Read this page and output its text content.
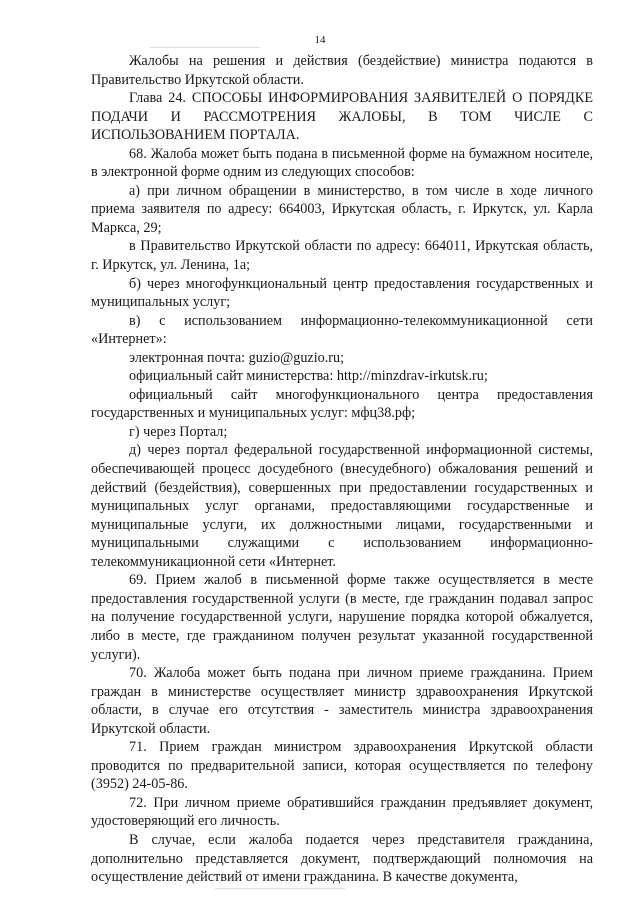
14

Жалобы на решения и действия (бездействие) министра подаются в Правительство Иркутской области.

Глава 24. СПОСОБЫ ИНФОРМИРОВАНИЯ ЗАЯВИТЕЛЕЙ О ПОРЯДКЕ ПОДАЧИ И РАССМОТРЕНИЯ ЖАЛОБЫ, В ТОМ ЧИСЛЕ С ИСПОЛЬЗОВАНИЕМ ПОРТАЛА.

68. Жалоба может быть подана в письменной форме на бумажном носителе, в электронной форме одним из следующих способов:

а) при личном обращении в министерство, в том числе в ходе личного приема заявителя по адресу: 664003, Иркутская область, г. Иркутск, ул. Карла Маркса, 29;

в Правительство Иркутской области по адресу: 664011, Иркутская область, г. Иркутск, ул. Ленина, 1а;

б) через многофункциональный центр предоставления государственных и муниципальных услуг;

в) с использованием информационно-телекоммуникационной сети «Интернет»:

электронная почта: guzio@guzio.ru;

официальный сайт министерства: http://minzdrav-irkutsk.ru;

официальный сайт многофункционального центра предоставления государственных и муниципальных услуг: мфц38.рф;

г) через Портал;

д) через портал федеральной государственной информационной системы, обеспечивающей процесс досудебного (внесудебного) обжалования решений и действий (бездействия), совершенных при предоставлении государственных и муниципальных услуг органами, предоставляющими государственные и муниципальные услуги, их должностными лицами, государственными и муниципальными служащими с использованием информационно-телекоммуникационной сети «Интернет.

69. Прием жалоб в письменной форме также осуществляется в месте предоставления государственной услуги (в месте, где гражданин подавал запрос на получение государственной услуги, нарушение порядка которой обжалуется, либо в месте, где гражданином получен результат указанной государственной услуги).

70. Жалоба может быть подана при личном приеме гражданина. Прием граждан в министерстве осуществляет министр здравоохранения Иркутской области, в случае его отсутствия - заместитель министра здравоохранения Иркутской области.

71. Прием граждан министром здравоохранения Иркутской области проводится по предварительной записи, которая осуществляется по телефону (3952) 24-05-86.

72. При личном приеме обратившийся гражданин предъявляет документ, удостоверяющий его личность.

В случае, если жалоба подается через представителя гражданина, дополнительно представляется документ, подтверждающий полномочия на осуществление действий от имени гражданина. В качестве документа,
